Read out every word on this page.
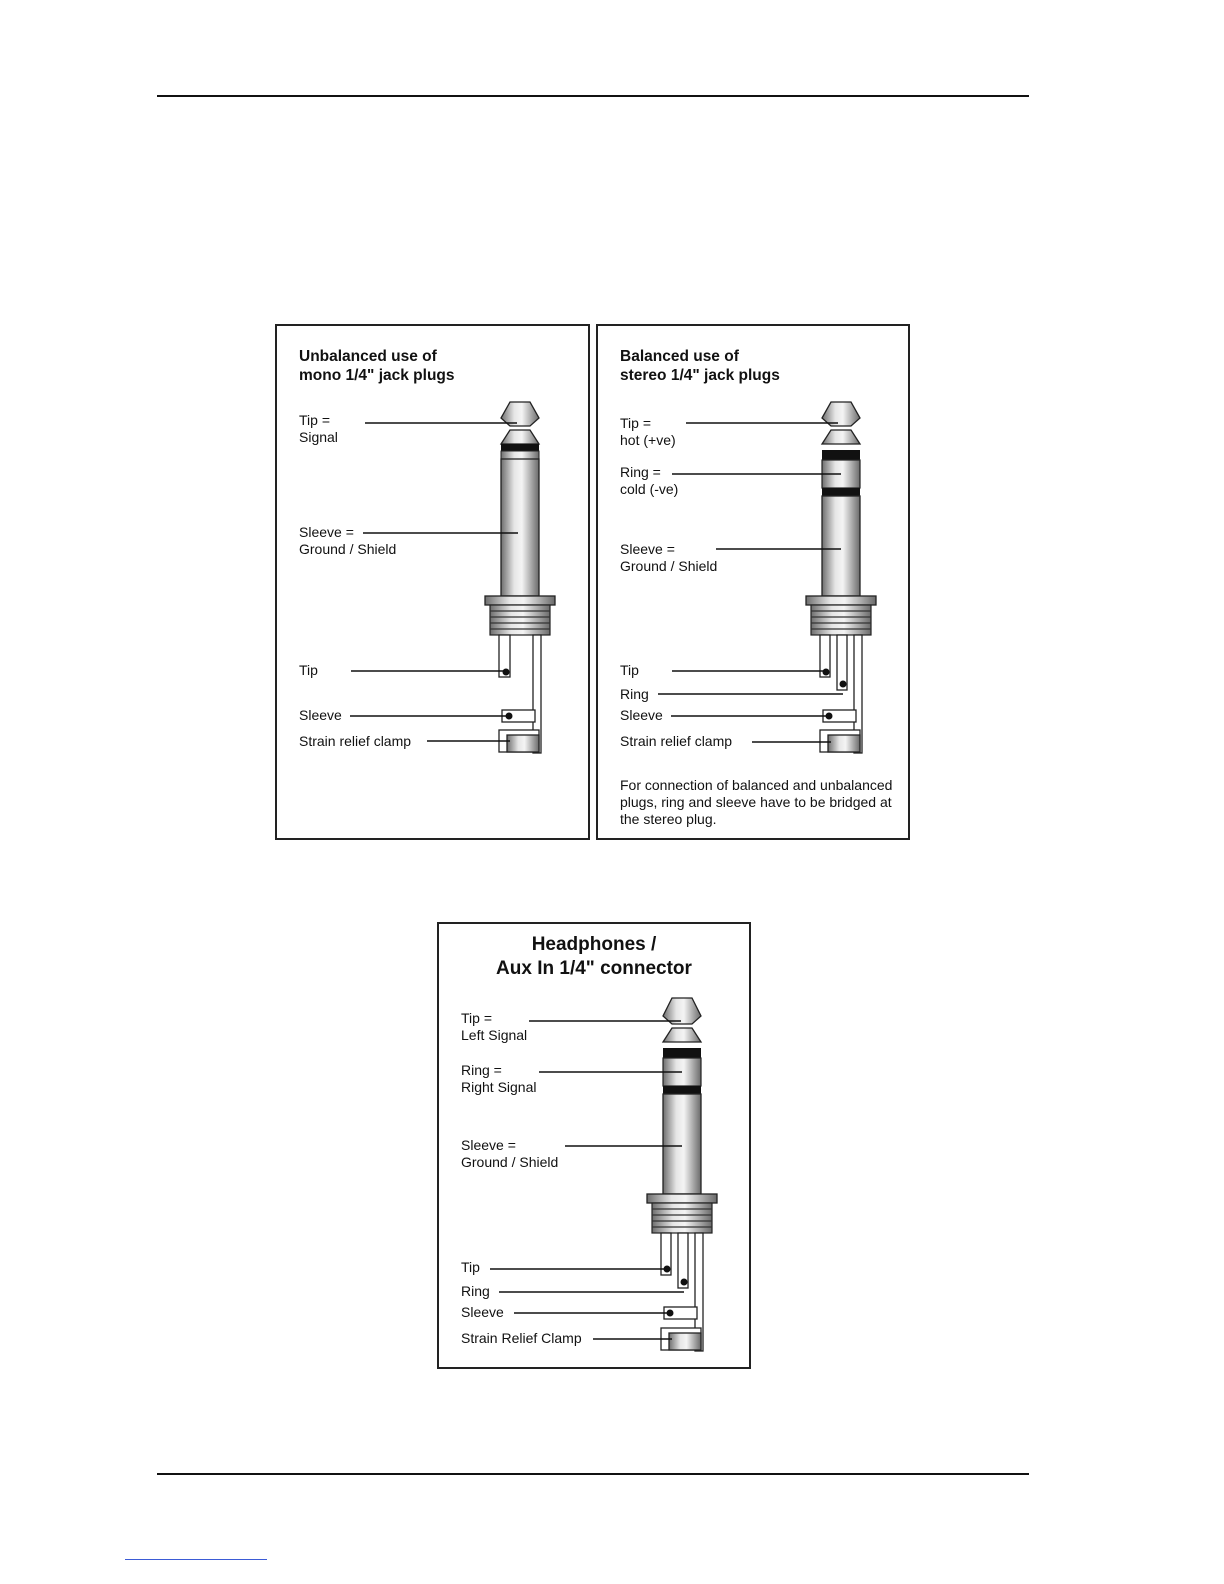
Unbalanced use of
mono 1/4" jack plugs
Tip =
Signal
Sleeve =
Ground / Shield
Tip
Sleeve
Strain relief clamp
Balanced use of
stereo 1/4" jack plugs
Tip =
hot (+ve)
Ring =
cold (-ve)
Sleeve =
Ground / Shield
Tip
Ring
Sleeve
Strain relief clamp
For connection of balanced and unbalanced plugs, ring and sleeve have to be bridged at the stereo plug.
Headphones /
Aux In 1/4" connector
Tip =
Left Signal
Ring =
Right Signal
Sleeve =
Ground / Shield
Tip
Ring
Sleeve
Strain Relief Clamp
